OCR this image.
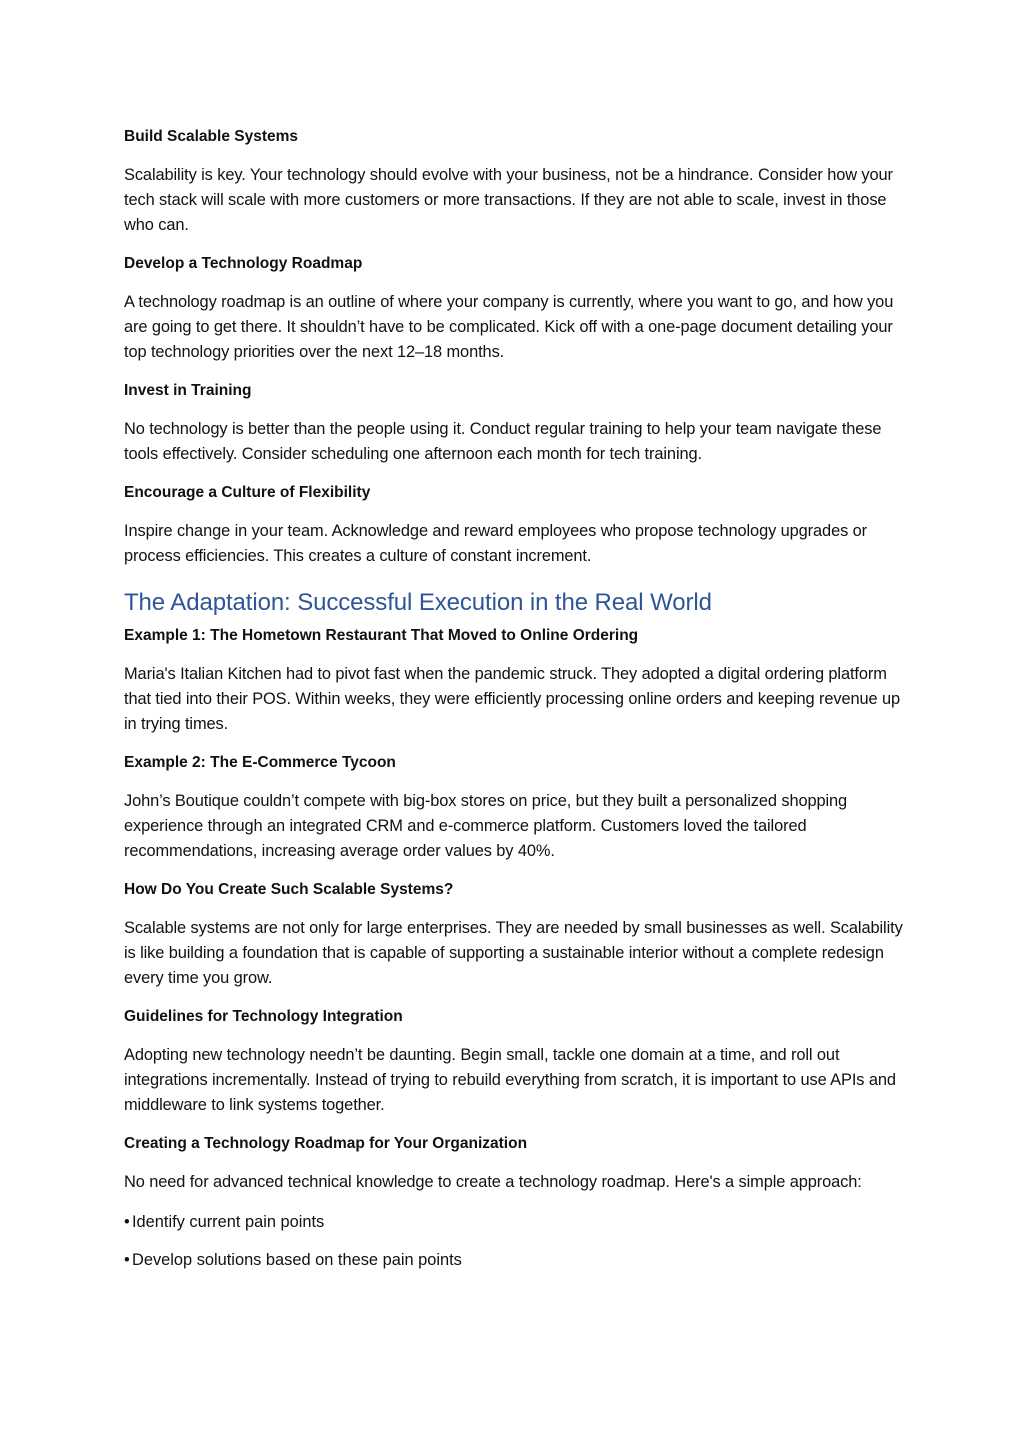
Build Scalable Systems
Scalability is key. Your technology should evolve with your business, not be a hindrance. Consider how your tech stack will scale with more customers or more transactions. If they are not able to scale, invest in those who can.
Develop a Technology Roadmap
A technology roadmap is an outline of where your company is currently, where you want to go, and how you are going to get there. It shouldn’t have to be complicated. Kick off with a one-page document detailing your top technology priorities over the next 12–18 months.
Invest in Training
No technology is better than the people using it. Conduct regular training to help your team navigate these tools effectively. Consider scheduling one afternoon each month for tech training.
Encourage a Culture of Flexibility
Inspire change in your team. Acknowledge and reward employees who propose technology upgrades or process efficiencies. This creates a culture of constant increment.
The Adaptation: Successful Execution in the Real World
Example 1: The Hometown Restaurant That Moved to Online Ordering
Maria's Italian Kitchen had to pivot fast when the pandemic struck. They adopted a digital ordering platform that tied into their POS. Within weeks, they were efficiently processing online orders and keeping revenue up in trying times.
Example 2: The E-Commerce Tycoon
John’s Boutique couldn’t compete with big-box stores on price, but they built a personalized shopping experience through an integrated CRM and e-commerce platform. Customers loved the tailored recommendations, increasing average order values by 40%.
How Do You Create Such Scalable Systems?
Scalable systems are not only for large enterprises. They are needed by small businesses as well. Scalability is like building a foundation that is capable of supporting a sustainable interior without a complete redesign every time you grow.
Guidelines for Technology Integration
Adopting new technology needn’t be daunting. Begin small, tackle one domain at a time, and roll out integrations incrementally. Instead of trying to rebuild everything from scratch, it is important to use APIs and middleware to link systems together.
Creating a Technology Roadmap for Your Organization
No need for advanced technical knowledge to create a technology roadmap. Here's a simple approach:
• Identify current pain points
• Develop solutions based on these pain points
